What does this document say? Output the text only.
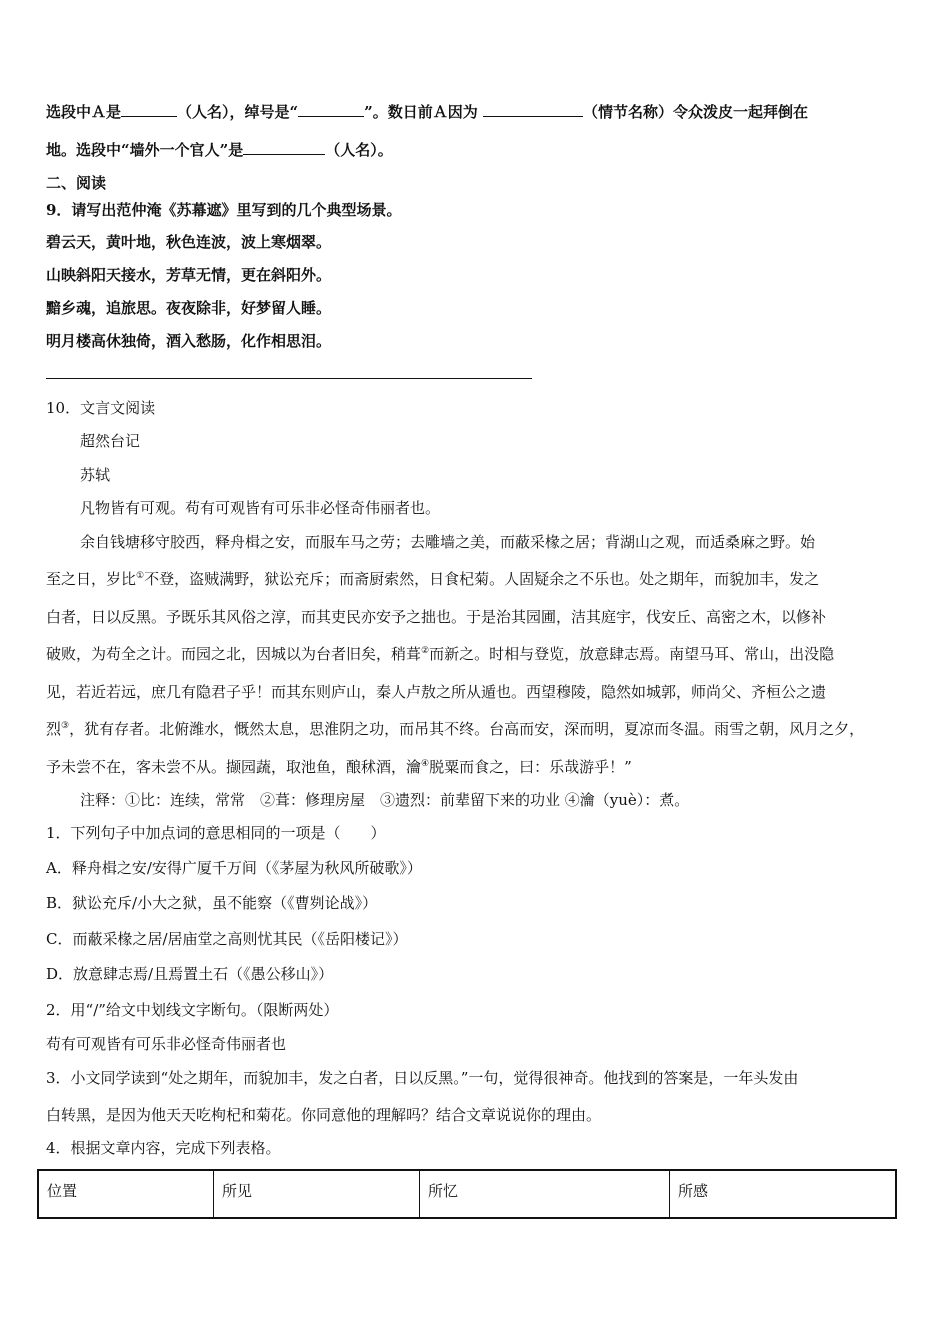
选段中Ａ是	（人名），绰号是“	”。数日前Ａ因为	（情节名称）令众泼皮一起拜倒在
地。选段中“墙外一个官人”是	（人名）。
二、阅读
9．请写出范仲淹《苏幕遮》里写到的几个典型场景。
碧云天，黄叶地，秋色连波，波上寒烟翠。
山映斜阳天接水，芳草无情，更在斜阳外。
黯乡魂，追旅思。夜夜除非，好梦留人睡。
明月楼高休独倚，酒入愁肠，化作相思泪。
10．文言文阅读
超然台记
苏轼
凡物皆有可观。苟有可观皆有可乐非必怪奇伟丽者也。
余自钱塘移守胶西，释舟楫之安，而服车马之劳；去雕墙之美，而蔽采椽之居；背湖山之观，而适桑麻之野。始
至之日，岁比①不登，盗贼满野，狱讼充斥；而斋厨索然，日食杞菊。人固疑余之不乐也。处之期年，而貌加丰，发之
白者，日以反黑。予既乐其风俗之淳，而其吏民亦安予之拙也。于是治其园圃，洁其庭宇，伐安丘、高密之木，以修补
破败，为苟全之计。而园之北，因城以为台者旧矣，稍葺②而新之。时相与登览，放意肆志焉。南望马耳、常山，出没隐
见，若近若远，庶几有隐君子乎！而其东则庐山，秦人卢敖之所从遁也。西望穆陵，隐然如城郭，师尚父、齐桓公之遗
烈③，犹有存者。北俯潍水，慨然太息，思淮阴之功，而吊其不终。台高而安，深而明，夏凉而冬温。雨雪之朝，风月之夕，
予未尝不在，客未尝不从。撷园蔬，取池鱼，酿秫酒，瀹④脱粟而食之，曰：乐哉游乎！”
注释：①比：连续，常常　②葺：修理房屋　③遗烈：前辈留下来的功业 ④瀹（yuè）：煮。
1．下列句子中加点词的意思相同的一项是（　　）
A．释舟楫之安/安得广厦千万间（《茅屋为秋风所破歌》）
B．狱讼充斥/小大之狱，虽不能察（《曹刿论战》）
C．而蔽采椽之居/居庙堂之高则忧其民（《岳阳楼记》）
D．放意肆志焉/且焉置土石（《愚公移山》）
2．用“/”给文中划线文字断句。（限断两处）
苟有可观皆有可乐非必怪奇伟丽者也
3．小文同学读到“处之期年，而貌加丰，发之白者，日以反黑。”一句，觉得很神奇。他找到的答案是，一年头发由
白转黑，是因为他天天吃枸杞和菊花。你同意他的理解吗？结合文章说说你的理由。
4．根据文章内容，完成下列表格。
位置	所见	所忆	所感
